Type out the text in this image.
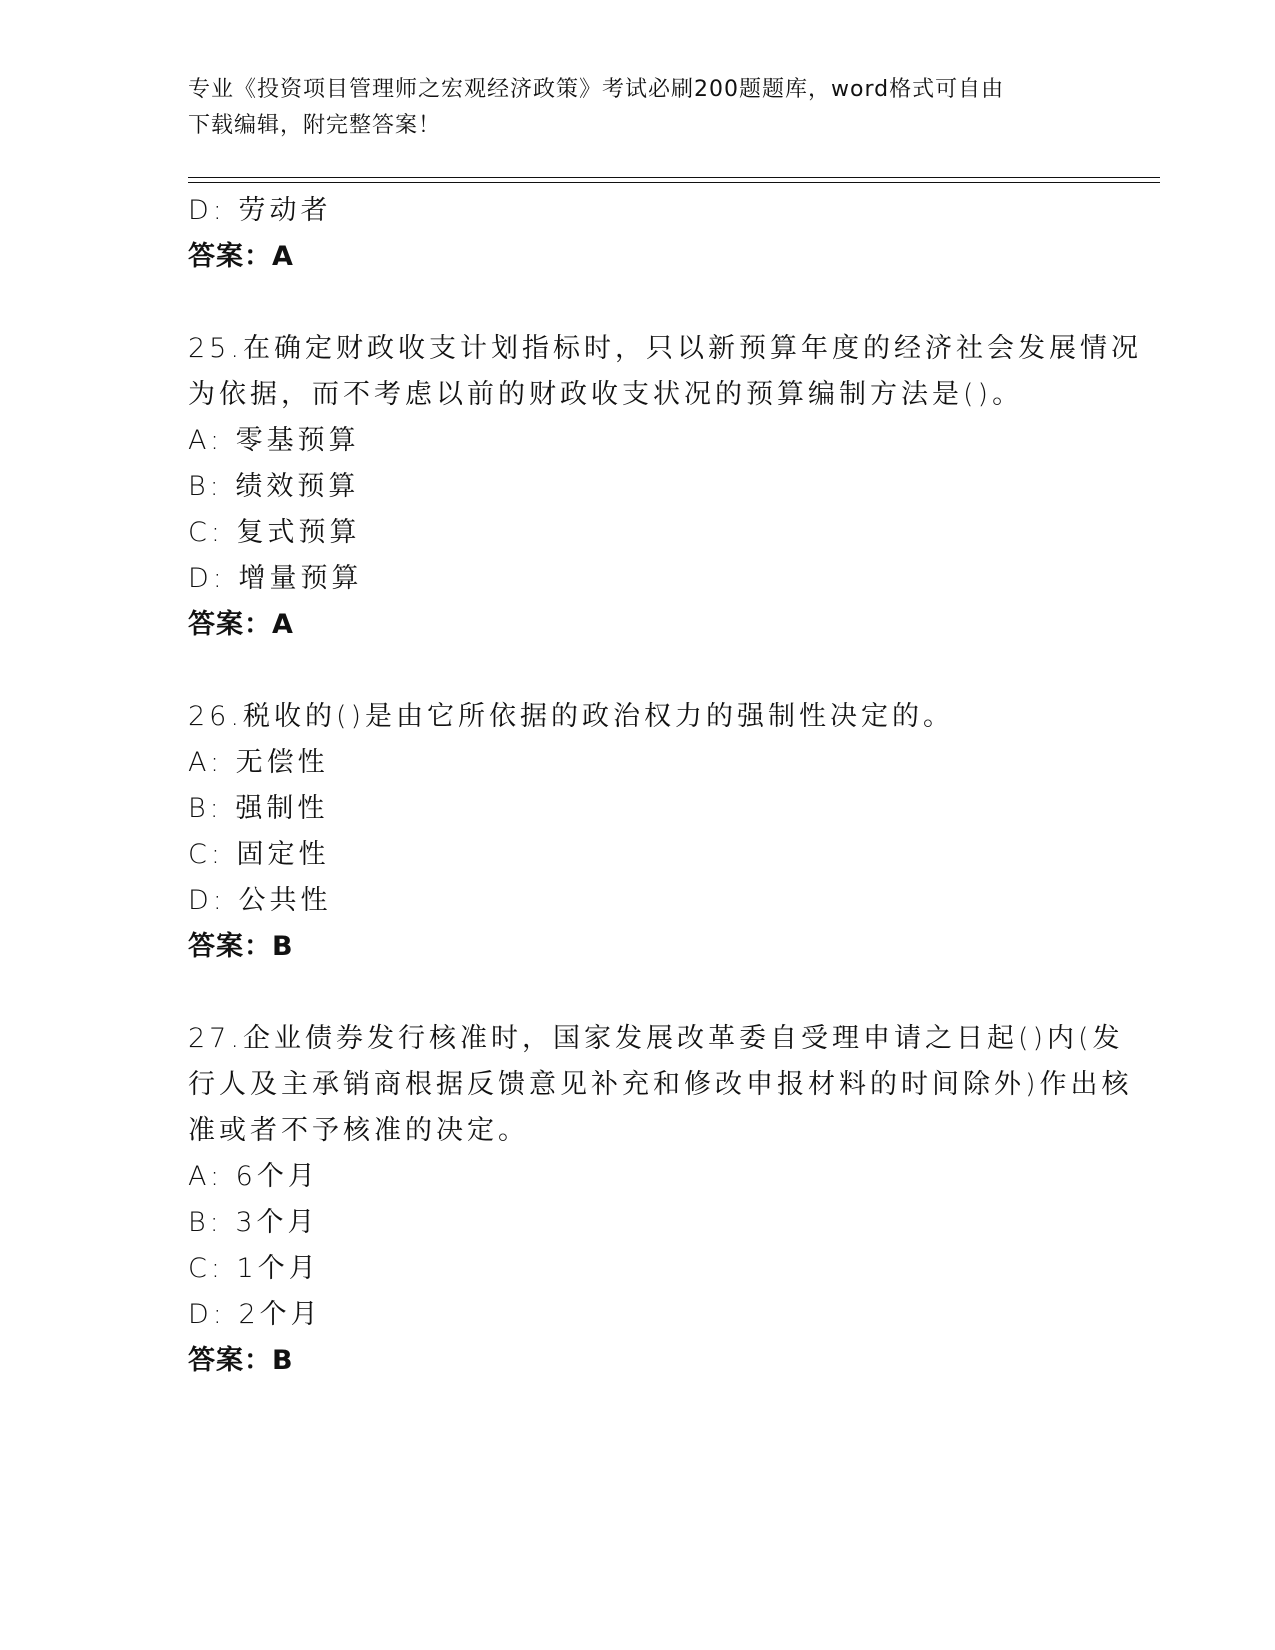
专业《投资项目管理师之宏观经济政策》考试必刷200题题库，word格式可自由
下载编辑，附完整答案！
D: 劳动者
答案：A
25.在确定财政收支计划指标时，只以新预算年度的经济社会发展情况
为依据，而不考虑以前的财政收支状况的预算编制方法是()。
A: 零基预算
B: 绩效预算
C: 复式预算
D: 增量预算
答案：A
26.税收的()是由它所依据的政治权力的强制性决定的。
A: 无偿性
B: 强制性
C: 固定性
D: 公共性
答案：B
27.企业债券发行核准时，国家发展改革委自受理申请之日起()内(发
行人及主承销商根据反馈意见补充和修改申报材料的时间除外)作出核
准或者不予核准的决定。
A: 6个月
B: 3个月
C: 1个月
D: 2个月
答案：B
